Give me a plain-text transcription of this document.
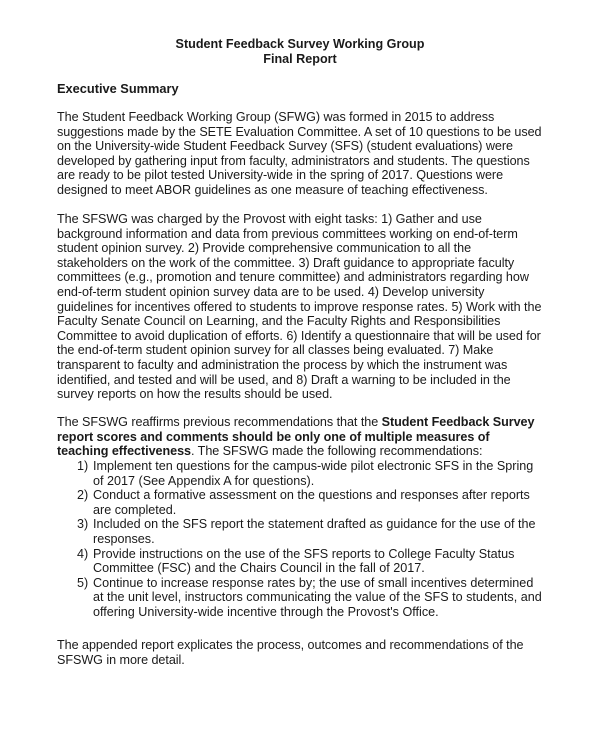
Student Feedback Survey Working Group
Final Report
Executive Summary
The Student Feedback Working Group (SFWG) was formed in 2015 to address
suggestions made by the SETE Evaluation Committee. A set of 10 questions to be used
on the University-wide Student Feedback Survey (SFS) (student evaluations) were
developed by gathering input from faculty, administrators and students. The questions
are ready to be pilot tested University-wide in the spring of 2017. Questions were
designed to meet ABOR guidelines as one measure of teaching effectiveness.
The SFSWG was charged by the Provost with eight tasks: 1) Gather and use
background information and data from previous committees working on end-of-term
student opinion survey. 2) Provide comprehensive communication to all the
stakeholders on the work of the committee. 3) Draft guidance to appropriate faculty
committees (e.g., promotion and tenure committee) and administrators regarding how
end-of-term student opinion survey data are to be used. 4) Develop university
guidelines for incentives offered to students to improve response rates. 5) Work with the
Faculty Senate Council on Learning, and the Faculty Rights and Responsibilities
Committee to avoid duplication of efforts. 6) Identify a questionnaire that will be used for
the end-of-term student opinion survey for all classes being evaluated. 7) Make
transparent to faculty and administration the process by which the instrument was
identified, and tested and will be used, and 8) Draft a warning to be included in the
survey reports on how the results should be used.
The SFSWG reaffirms previous recommendations that the Student Feedback Survey
report scores and comments should be only one of multiple measures of
teaching effectiveness. The SFSWG made the following recommendations:
1) Implement ten questions for the campus-wide pilot electronic SFS in the Spring
of 2017 (See Appendix A for questions).
2) Conduct a formative assessment on the questions and responses after reports
are completed.
3) Included on the SFS report the statement drafted as guidance for the use of the
responses.
4) Provide instructions on the use of the SFS reports to College Faculty Status
Committee (FSC) and the Chairs Council in the fall of 2017.
5) Continue to increase response rates by; the use of small incentives determined
at the unit level, instructors communicating the value of the SFS to students, and
offering University-wide incentive through the Provost's Office.
The appended report explicates the process, outcomes and recommendations of the
SFSWG in more detail.
